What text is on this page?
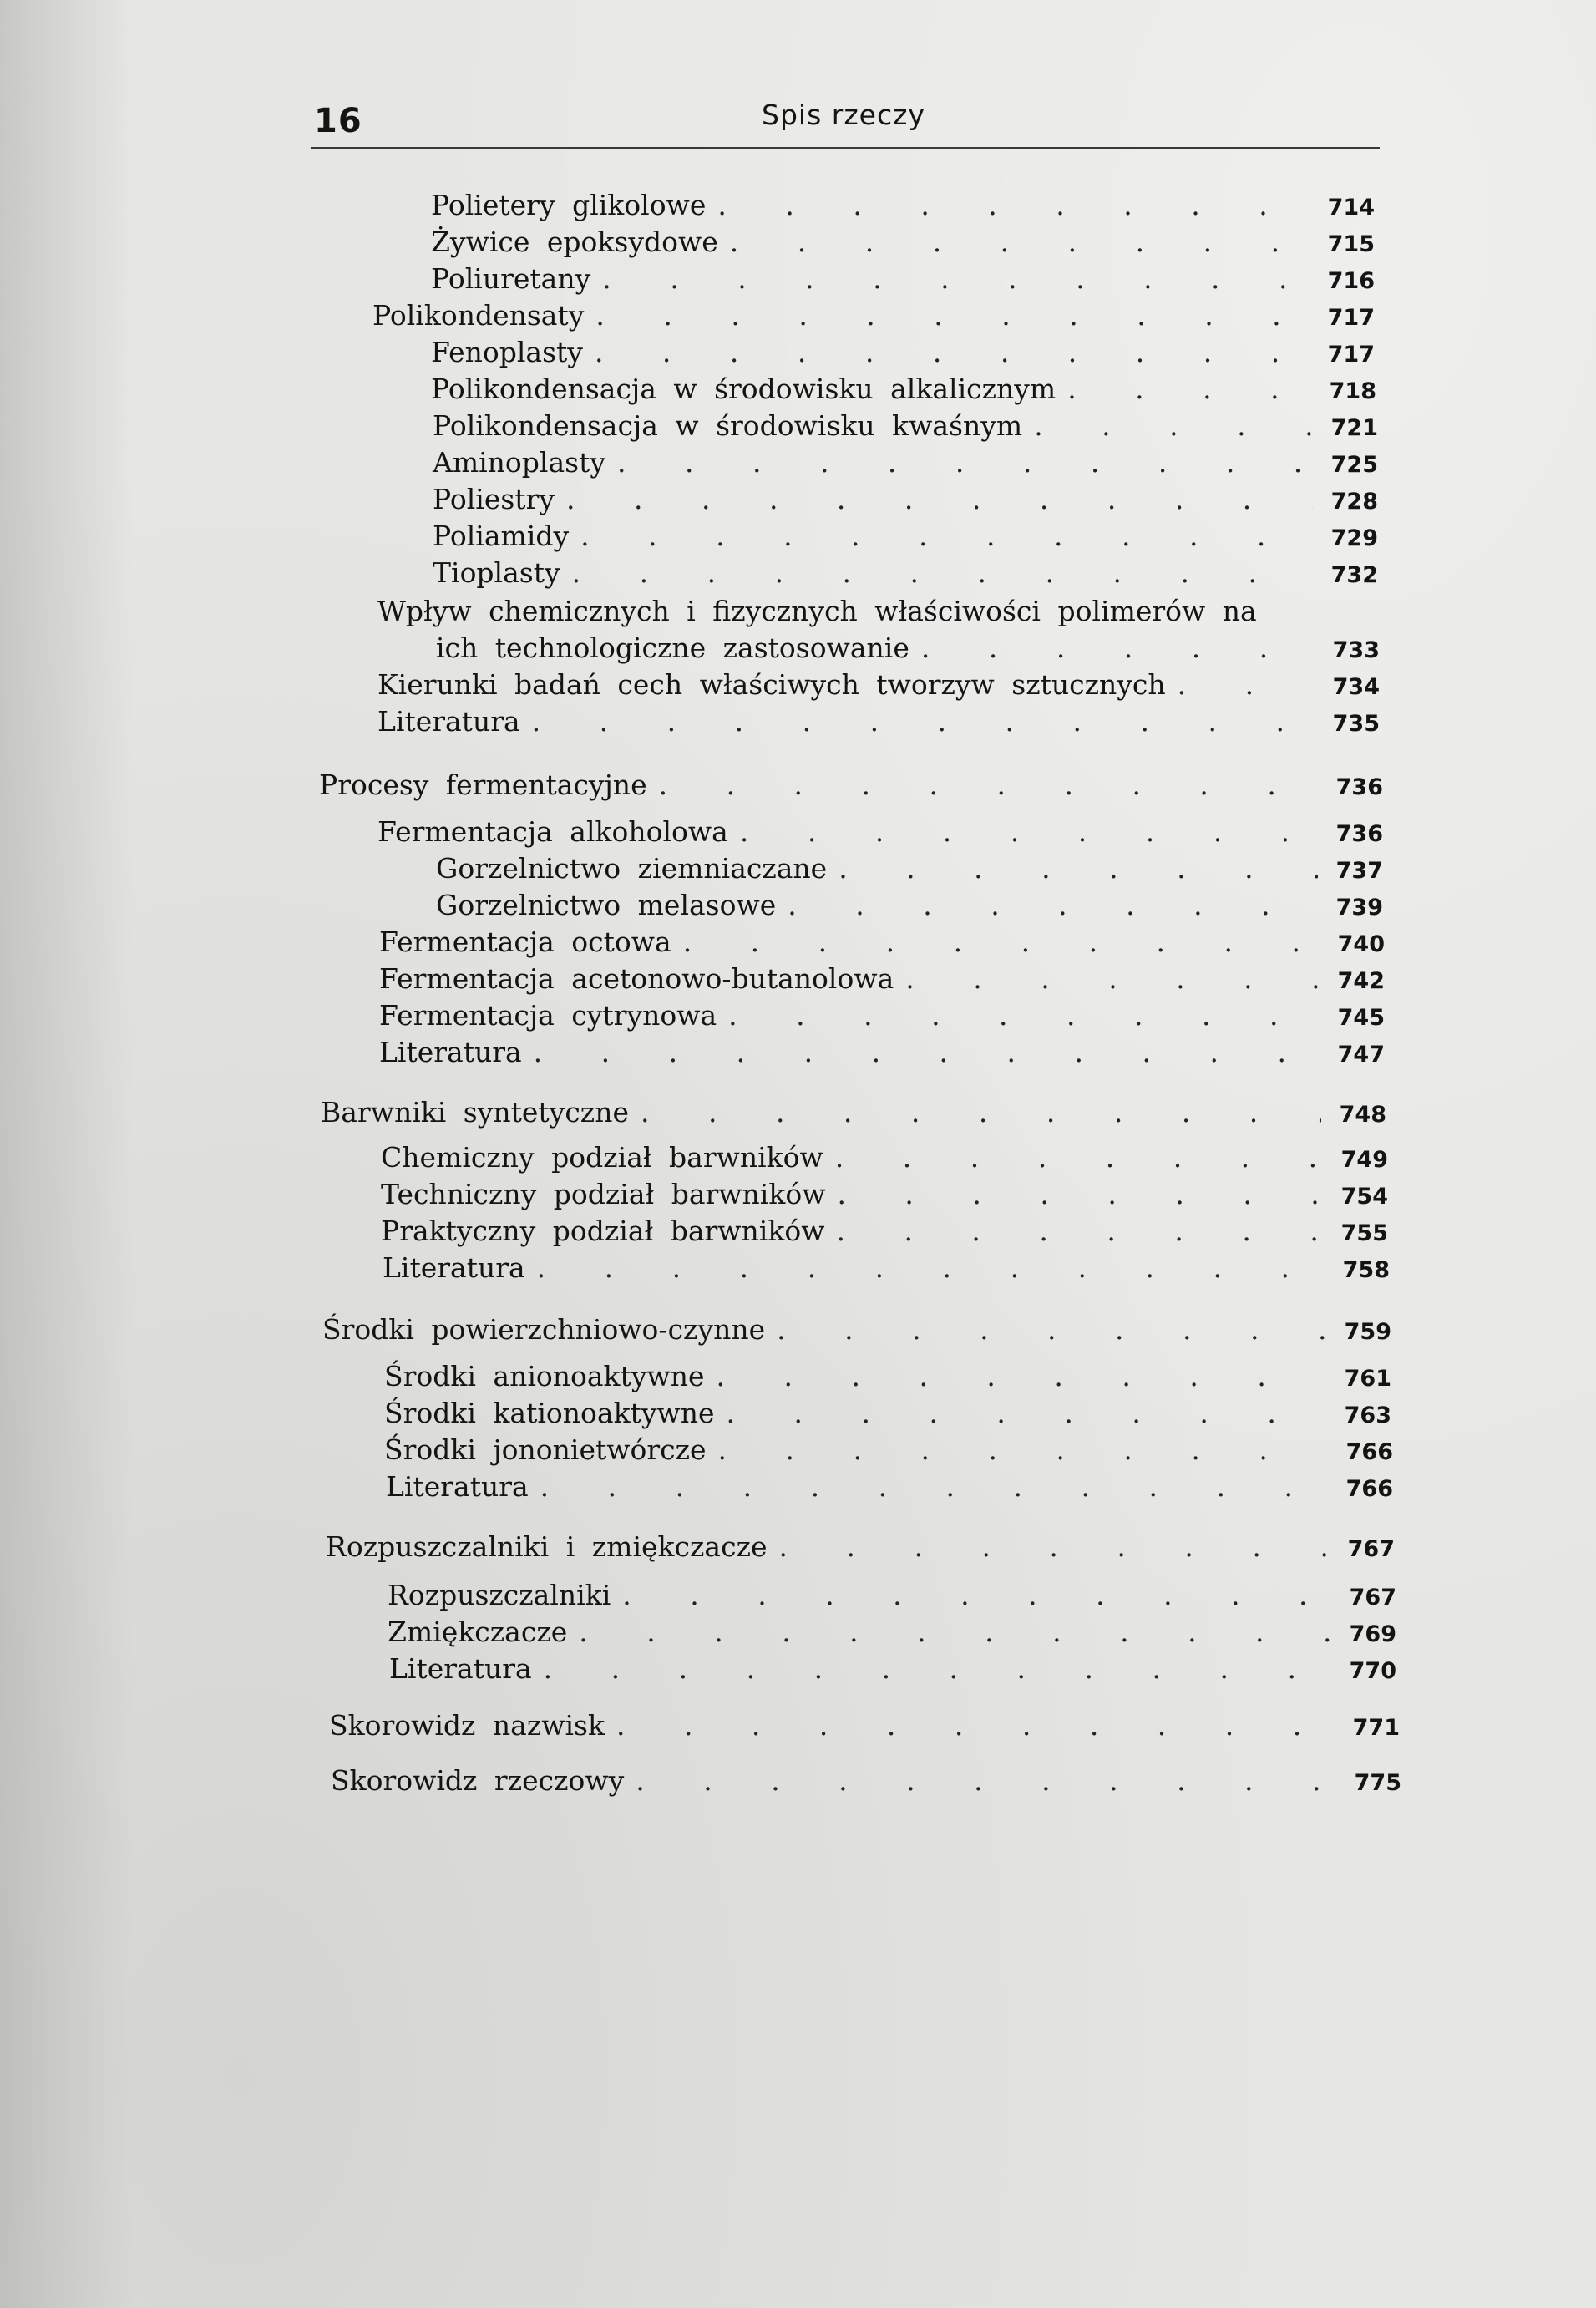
16	Spis rzeczy
Polietery glikolowe . . .	714
Żywice epoksydowe . . .	715
Poliuretany . . .	716
Polikondensaty . . .	717
Fenoplasty . . .	717
Polikondensacja w środowisku alkalicznym . . .	718
Polikondensacja w środowisku kwaśnym . . .	721
Aminoplasty . . .	725
Poliestry . . .	728
Poliamidy . . .	729
Tioplasty . . .	732
Wpływ chemicznych i fizycznych właściwości polimerów na
ich technologiczne zastosowanie . . .	733
Kierunki badań cech właściwych tworzyw sztucznych . . .	734
Literatura . . .	735
Procesy fermentacyjne . . .	736
Fermentacja alkoholowa . . .	736
Gorzelnictwo ziemniaczane . . .	737
Gorzelnictwo melasowe . . .	739
Fermentacja octowa . . .	740
Fermentacja acetonowo-butanolowa . . .	742
Fermentacja cytrynowa . . .	745
Literatura . . .	747
Barwniki syntetyczne . . .	748
Chemiczny podział barwników . . .	749
Techniczny podział barwników . . .	754
Praktyczny podział barwników . . .	755
Literatura . . .	758
Środki powierzchniowo-czynne . . .	759
Środki anionoaktywne . . .	761
Środki kationoaktywne . . .	763
Środki jononietwórcze . . .	766
Literatura . . .	766
Rozpuszczalniki i zmiękczacze . . .	767
Rozpuszczalniki . . .	767
Zmiękczacze . . .	769
Literatura . . .	770
Skorowidz nazwisk . . .	771
Skorowidz rzeczowy . . .	775
